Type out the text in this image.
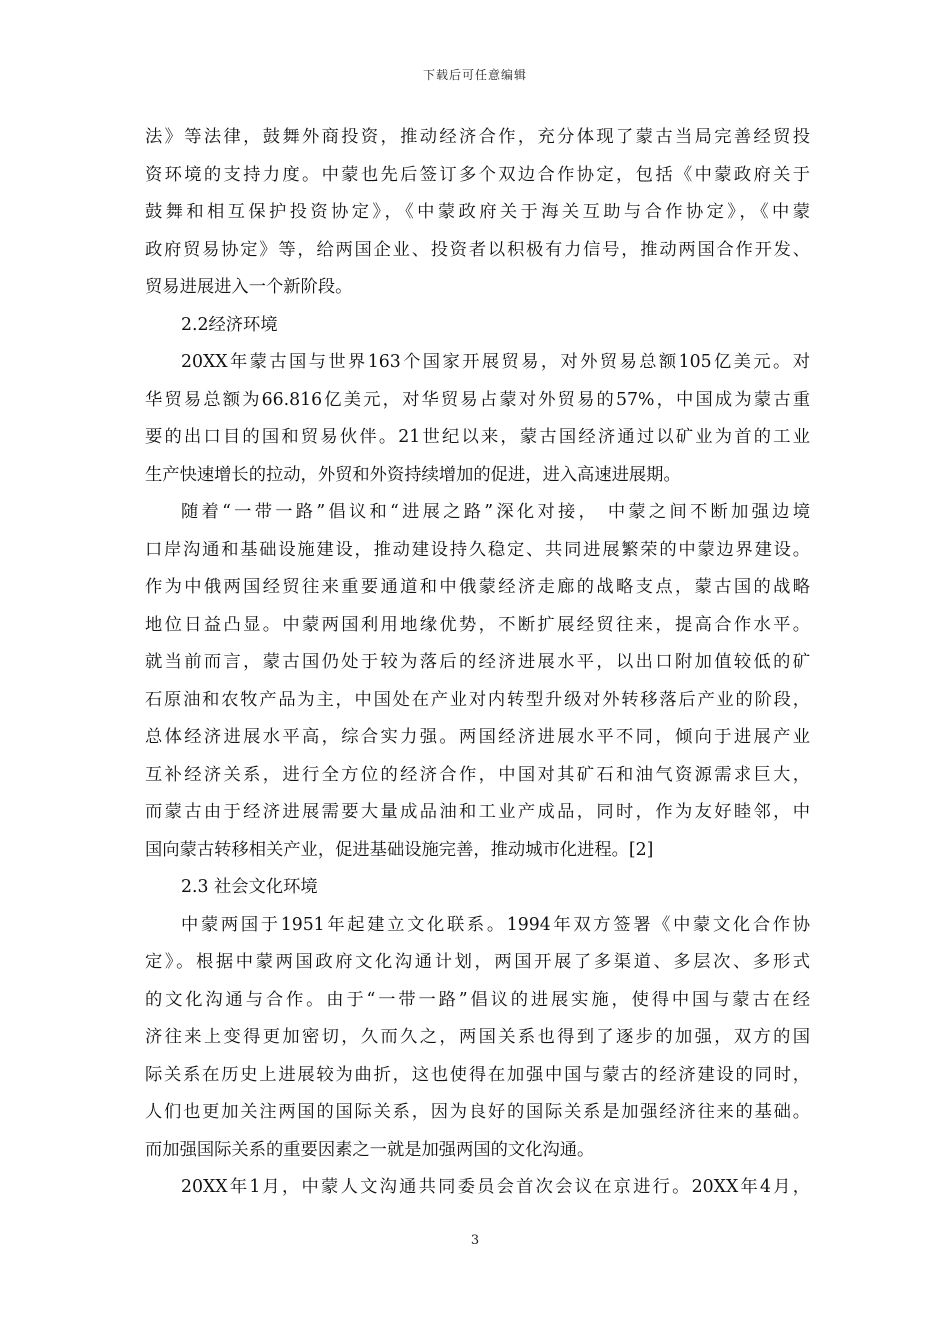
下载后可任意编辑
法》等法律，鼓舞外商投资，推动经济合作，充分体现了蒙古当局完善经贸投
资环境的支持力度。中蒙也先后签订多个双边合作协定，包括《中蒙政府关于
鼓舞和相互保护投资协定》，《中蒙政府关于海关互助与合作协定》，《中蒙
政府贸易协定》等，给两国企业、投资者以积极有力信号，推动两国合作开发、
贸易进展进入一个新阶段。
2.2经济环境
20XX年蒙古国与世界163个国家开展贸易，对外贸易总额105亿美元。对
华贸易总额为66.816亿美元，对华贸易占蒙对外贸易的57%，中国成为蒙古重
要的出口目的国和贸易伙伴。21世纪以来，蒙古国经济通过以矿业为首的工业
生产快速增长的拉动，外贸和外资持续增加的促进，进入高速进展期。
随着“一带一路”倡议和“进展之路”深化对接， 中蒙之间不断加强边境
口岸沟通和基础设施建设，推动建设持久稳定、共同进展繁荣的中蒙边界建设。
作为中俄两国经贸往来重要通道和中俄蒙经济走廊的战略支点，蒙古国的战略
地位日益凸显。中蒙两国利用地缘优势，不断扩展经贸往来，提高合作水平。
就当前而言，蒙古国仍处于较为落后的经济进展水平，以出口附加值较低的矿
石原油和农牧产品为主，中国处在产业对内转型升级对外转移落后产业的阶段，
总体经济进展水平高，综合实力强。两国经济进展水平不同，倾向于进展产业
互补经济关系，进行全方位的经济合作，中国对其矿石和油气资源需求巨大，
而蒙古由于经济进展需要大量成品油和工业产成品，同时，作为友好睦邻，中
国向蒙古转移相关产业，促进基础设施完善，推动城市化进程。[2]
2.3 社会文化环境
中蒙两国于1951年起建立文化联系。1994年双方签署《中蒙文化合作协
定》。根据中蒙两国政府文化沟通计划，两国开展了多渠道、多层次、多形式
的文化沟通与合作。由于“一带一路”倡议的进展实施，使得中国与蒙古在经
济往来上变得更加密切，久而久之，两国关系也得到了逐步的加强，双方的国
际关系在历史上进展较为曲折，这也使得在加强中国与蒙古的经济建设的同时，
人们也更加关注两国的国际关系，因为良好的国际关系是加强经济往来的基础。
而加强国际关系的重要因素之一就是加强两国的文化沟通。
20XX年1月，中蒙人文沟通共同委员会首次会议在京进行。20XX年4月，
3
